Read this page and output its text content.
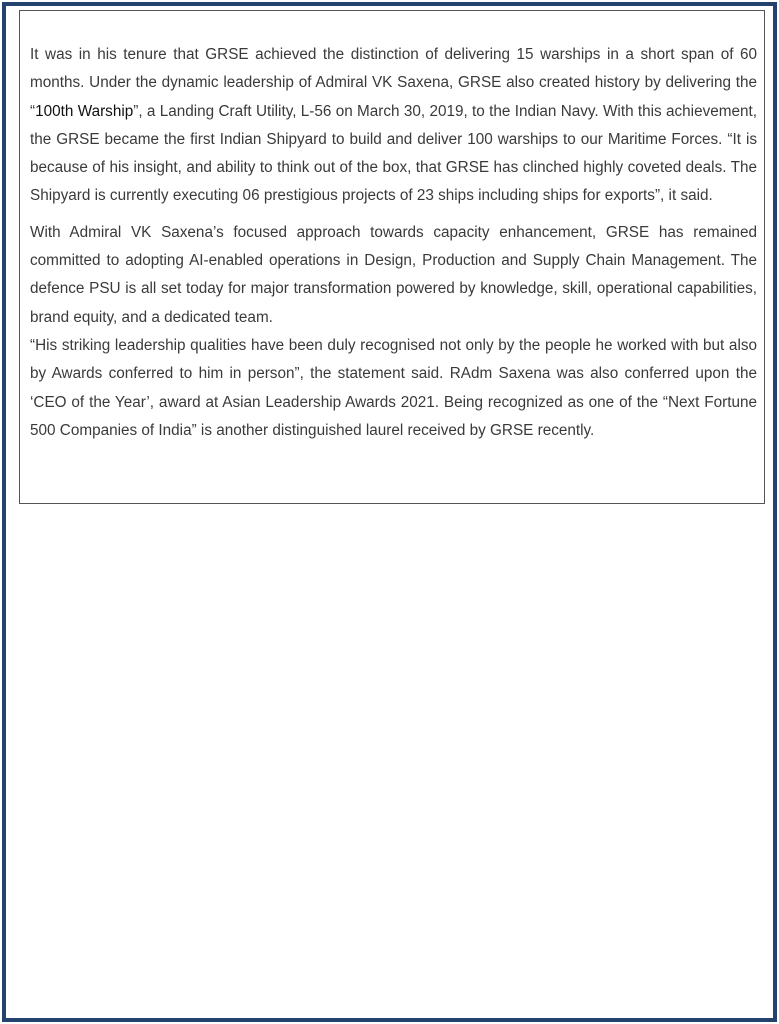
It was in his tenure that GRSE achieved the distinction of delivering 15 warships in a short span of 60 months. Under the dynamic leadership of Admiral VK Saxena, GRSE also created history by delivering the “100th Warship”, a Landing Craft Utility, L-56 on March 30, 2019, to the Indian Navy. With this achievement, the GRSE became the first Indian Shipyard to build and deliver 100 warships to our Maritime Forces. “It is because of his insight, and ability to think out of the box, that GRSE has clinched highly coveted deals. The Shipyard is currently executing 06 prestigious projects of 23 ships including ships for exports”, it said.

With Admiral VK Saxena’s focused approach towards capacity enhancement, GRSE has remained committed to adopting AI-enabled operations in Design, Production and Supply Chain Management. The defence PSU is all set today for major transformation powered by knowledge, skill, operational capabilities, brand equity, and a dedicated team.

“His striking leadership qualities have been duly recognised not only by the people he worked with but also by Awards conferred to him in person”, the statement said. RAdm Saxena was also conferred upon the ‘CEO of the Year’, award at Asian Leadership Awards 2021. Being recognized as one of the “Next Fortune 500 Companies of India” is another distinguished laurel received by GRSE recently.
